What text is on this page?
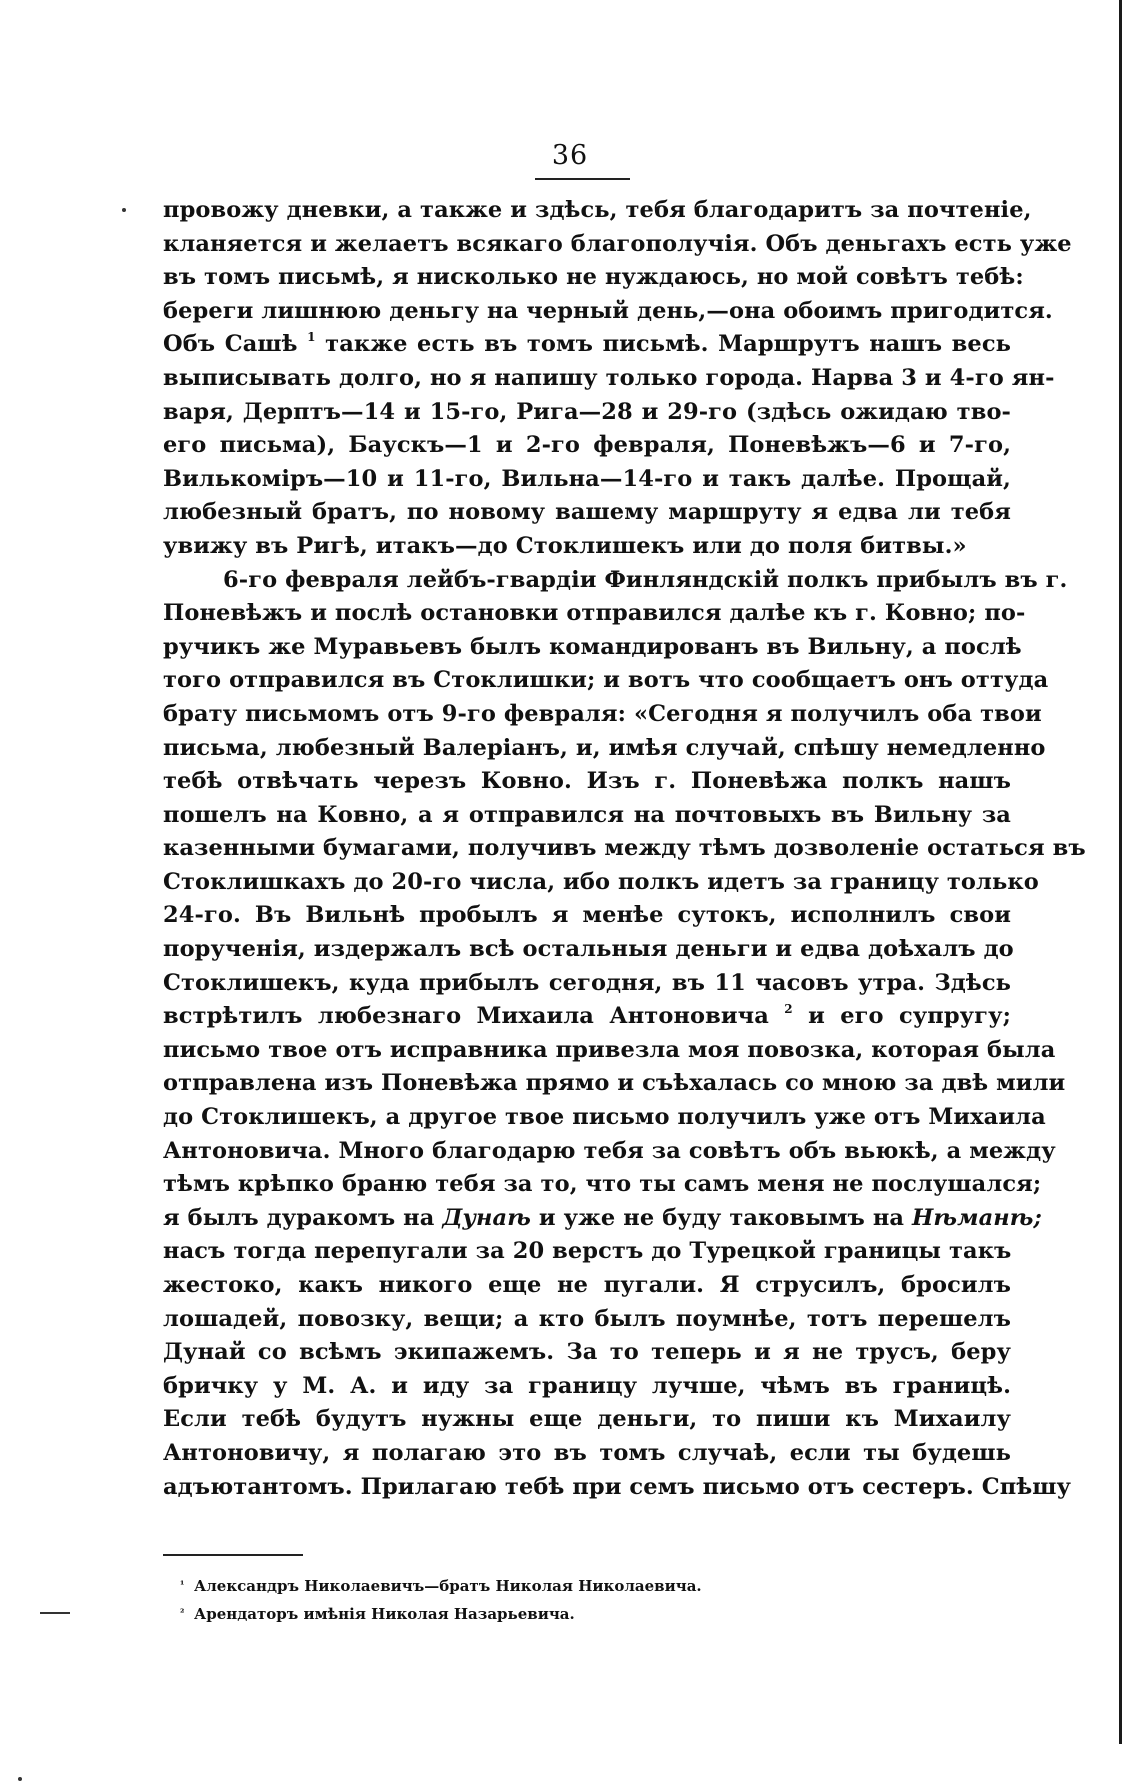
36
провожу дневки, а также и здѣсь, тебя благодаритъ за почтеніе,
кланяется и желаетъ всякаго благополучія. Объ деньгахъ есть уже
въ томъ письмѣ, я нисколько не нуждаюсь, но мой совѣтъ тебѣ:
береги лишнюю деньгу на черный день,—она обоимъ пригодится.
Объ Сашѣ $^1$ также есть въ томъ письмѣ. Маршрутъ нашъ весь
выписывать долго, но я напишу только города. Нарва 3 и 4-го ян-
варя, Дерптъ—14 и 15-го, Рига—28 и 29-го (здѣсь ожидаю тво-
его письма), Баускъ—1 и 2-го февраля, Поневѣжъ—6 и 7-го,
Вилькоміръ—10 и 11-го, Вильна—14-го и такъ далѣе. Прощай,
любезный братъ, по новому вашему маршруту я едва ли тебя
увижу въ Ригѣ, итакъ—до Стоклишекъ или до поля битвы.»
6-го февраля лейбъ-гвардіи Финляндскій полкъ прибылъ въ г.
Поневѣжъ и послѣ остановки отправился далѣе къ г. Ковно; по-
ручикъ же Муравьевъ былъ командированъ въ Вильну, а послѣ
того отправился въ Стоклишки; и вотъ что сообщаетъ онъ оттуда
брату письмомъ отъ 9-го февраля: «Сегодня я получилъ оба твои
письма, любезный Валеріанъ, и, имѣя случай, спѣшу немедленно
тебѣ отвѣчать черезъ Ковно. Изъ г. Поневѣжа полкъ нашъ
пошелъ на Ковно, а я отправился на почтовыхъ въ Вильну за
казенными бумагами, получивъ между тѣмъ дозволеніе остаться въ
Стоклишкахъ до 20-го числа, ибо полкъ идетъ за границу только
24-го. Въ Вильнѣ пробылъ я менѣе сутокъ, исполнилъ свои
порученія, издержалъ всѣ остальныя деньги и едва доѣхалъ до
Стоклишекъ, куда прибылъ сегодня, въ 11 часовъ утра. Здѣсь
встрѣтилъ любезнаго Михаила Антоновича $^2$ и его супругу;
письмо твое отъ исправника привезла моя повозка, которая была
отправлена изъ Поневѣжа прямо и съѣхалась со мною за двѣ мили
до Стоклишекъ, а другое твое письмо получилъ уже отъ Михаила
Антоновича. Много благодарю тебя за совѣтъ объ вьюкѣ, а между
тѣмъ крѣпко браню тебя за то, что ты самъ меня не послушался;
я былъ дуракомъ на Дунаѣ и уже не буду таковымъ на Нѣманѣ;
насъ тогда перепугали за 20 верстъ до Турецкой границы такъ
жестоко, какъ никого еще не пугали. Я струсилъ, бросилъ
лошадей, повозку, вещи; а кто былъ поумнѣе, тотъ перешелъ
Дунай со всѣмъ экипажемъ. За то теперь и я не трусъ, беру
бричку у М. А. и иду за границу лучше, чѣмъ въ границѣ.
Если тебѣ будутъ нужны еще деньги, то пиши къ Михаилу
Антоновичу, я полагаю это въ томъ случаѣ, если ты будешь
адъютантомъ. Прилагаю тебѣ при семъ письмо отъ сестеръ. Спѣшу
¹ Александръ Николаевичъ—братъ Николая Николаевича.
² Арендаторъ имѣнія Николая Назарьевича.
